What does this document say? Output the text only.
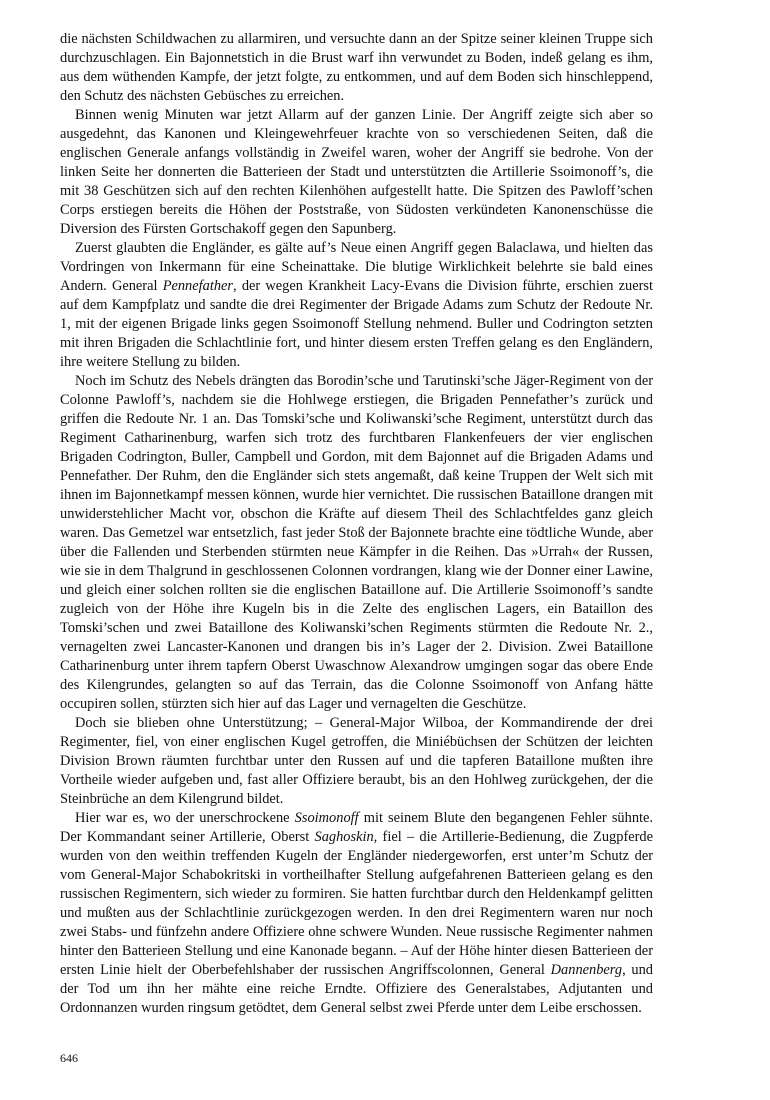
die nächsten Schildwachen zu allarmiren, und versuchte dann an der Spitze seiner kleinen Truppe sich durchzuschlagen. Ein Bajonnetstich in die Brust warf ihn verwundet zu Boden, indeß gelang es ihm, aus dem wüthenden Kampfe, der jetzt folgte, zu entkommen, und auf dem Boden sich hinschleppend, den Schutz des nächsten Gebüsches zu erreichen.

Binnen wenig Minuten war jetzt Allarm auf der ganzen Linie. Der Angriff zeigte sich aber so ausgedehnt, das Kanonen und Kleingewehrfeuer krachte von so verschiedenen Seiten, daß die englischen Generale anfangs vollständig in Zweifel waren, woher der Angriff sie bedrohe. Von der linken Seite her donnerten die Batterieen der Stadt und unterstützten die Artillerie Ssoimonoff’s, die mit 38 Geschützen sich auf den rechten Kilenhöhen aufgestellt hatte. Die Spitzen des Pawloff’schen Corps erstiegen bereits die Höhen der Poststraße, von Südosten verkündeten Kanonenschüsse die Diversion des Fürsten Gortschakoff gegen den Sapunberg.

Zuerst glaubten die Engländer, es gälte auf’s Neue einen Angriff gegen Balaclawa, und hielten das Vordringen von Inkermann für eine Scheinattake. Die blutige Wirklichkeit belehrte sie bald eines Andern. General Pennefather, der wegen Krankheit Lacy-Evans die Division führte, erschien zuerst auf dem Kampfplatz und sandte die drei Regimenter der Brigade Adams zum Schutz der Redoute Nr. 1, mit der eigenen Brigade links gegen Ssoimonoff Stellung nehmend. Buller und Codrington setzten mit ihren Brigaden die Schlachtlinie fort, und hinter diesem ersten Treffen gelang es den Engländern, ihre weitere Stellung zu bilden.

Noch im Schutz des Nebels drängten das Borodin’sche und Tarutinski’sche Jäger-Regiment von der Colonne Pawloff’s, nachdem sie die Hohlwege erstiegen, die Brigaden Pennefather’s zurück und griffen die Redoute Nr. 1 an. Das Tomski’sche und Koliwanski’sche Regiment, unterstützt durch das Regiment Catharinenburg, warfen sich trotz des furchtbaren Flankenfeuers der vier englischen Brigaden Codrington, Buller, Campbell und Gordon, mit dem Bajonnet auf die Brigaden Adams und Pennefather. Der Ruhm, den die Engländer sich stets angemaßt, daß keine Truppen der Welt sich mit ihnen im Bajonnetkampf messen können, wurde hier vernichtet. Die russischen Bataillone drangen mit unwiderstehlicher Macht vor, obschon die Kräfte auf diesem Theil des Schlachtfeldes ganz gleich waren. Das Gemetzel war entsetzlich, fast jeder Stoß der Bajonnete brachte eine tödtliche Wunde, aber über die Fallenden und Sterbenden stürmten neue Kämpfer in die Reihen. Das »Urrah« der Russen, wie sie in dem Thalgrund in geschlossenen Colonnen vordrangen, klang wie der Donner einer Lawine, und gleich einer solchen rollten sie die englischen Bataillone auf. Die Artillerie Ssoimonoff’s sandte zugleich von der Höhe ihre Kugeln bis in die Zelte des englischen Lagers, ein Bataillon des Tomski’schen und zwei Bataillone des Koliwanski’schen Regiments stürmten die Redoute Nr. 2., vernagelten zwei Lancaster-Kanonen und drangen bis in’s Lager der 2. Division. Zwei Bataillone Catharinenburg unter ihrem tapfern Oberst Uwaschnow Alexandrow umgingen sogar das obere Ende des Kilengrundes, gelangten so auf das Terrain, das die Colonne Ssoimonoff von Anfang hätte occupiren sollen, stürzten sich hier auf das Lager und vernagelten die Geschütze.

Doch sie blieben ohne Unterstützung; – General-Major Wilboa, der Kommandirende der drei Regimenter, fiel, von einer englischen Kugel getroffen, die Miniébüchsen der Schützen der leichten Division Brown räumten furchtbar unter den Russen auf und die tapferen Bataillone mußten ihre Vortheile wieder aufgeben und, fast aller Offiziere beraubt, bis an den Hohlweg zurückgehen, der die Steinbrüche an dem Kilengrund bildet.

Hier war es, wo der unerschrockene Ssoimonoff mit seinem Blute den begangenen Fehler sühnte. Der Kommandant seiner Artillerie, Oberst Saghoskin, fiel – die Artillerie-Bedienung, die Zugpferde wurden von den weithin treffenden Kugeln der Engländer niedergeworfen, erst unter’m Schutz der vom General-Major Schabokritski in vortheilhafter Stellung aufgefahrenen Batterieen gelang es den russischen Regimentern, sich wieder zu formiren. Sie hatten furchtbar durch den Heldenkampf gelitten und mußten aus der Schlachtlinie zurückgezogen werden. In den drei Regimentern waren nur noch zwei Stabs- und fünfzehn andere Offiziere ohne schwere Wunden. Neue russische Regimenter nahmen hinter den Batterieen Stellung und eine Kanonade begann. – Auf der Höhe hinter diesen Batterieen der ersten Linie hielt der Oberbefehlshaber der russischen Angriffscolonnen, General Dannenberg, und der Tod um ihn her mähte eine reiche Erndte. Offiziere des Generalstabes, Adjutanten und Ordonnanzen wurden ringsum getödtet, dem General selbst zwei Pferde unter dem Leibe erschossen.

646
